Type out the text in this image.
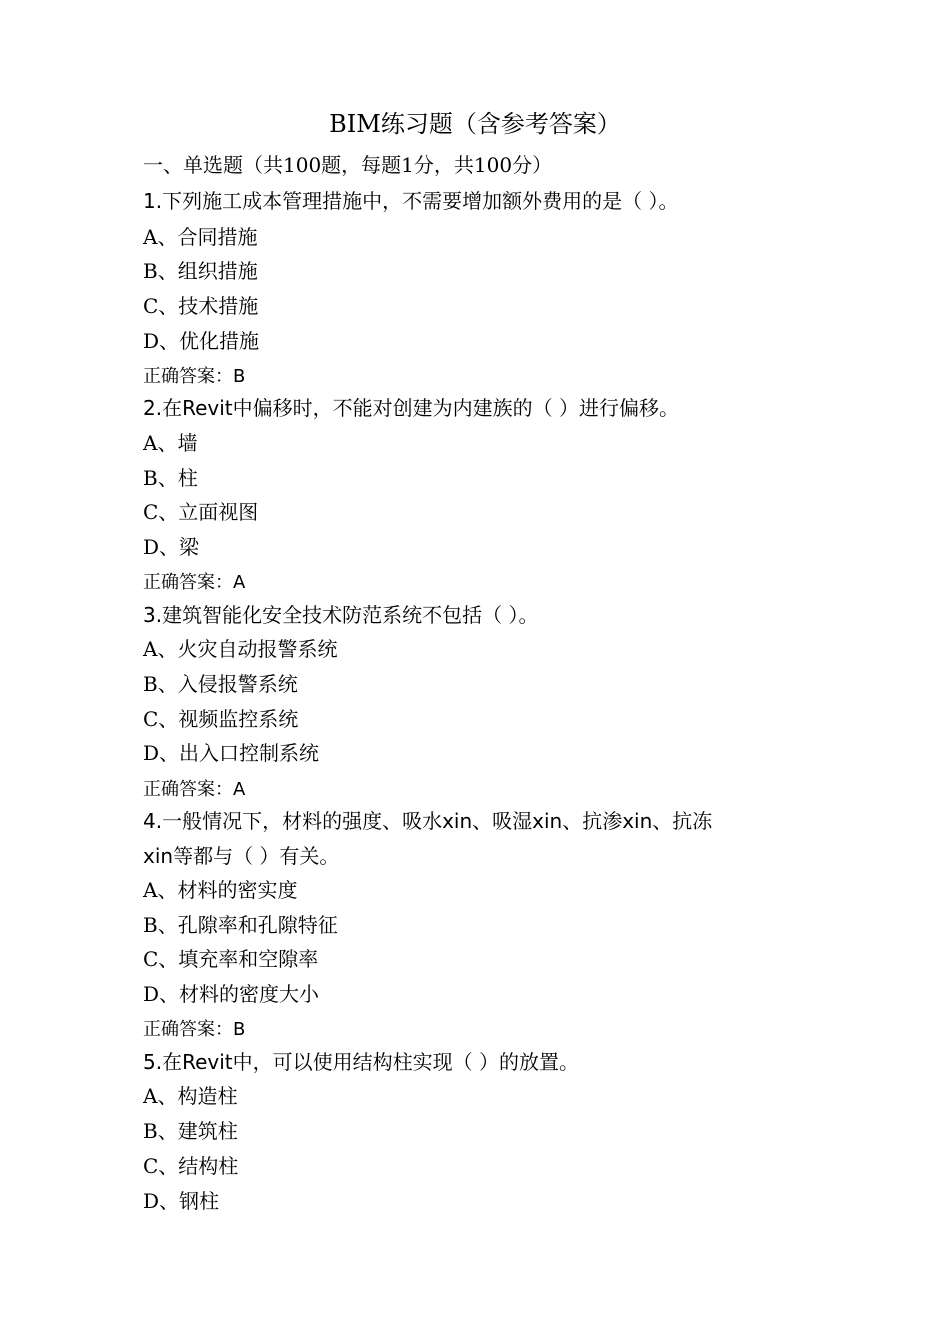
BIM练习题（含参考答案）
一、单选题（共100题，每题1分，共100分）
1.下列施工成本管理措施中，不需要增加额外费用的是（ ）。
A、合同措施
B、组织措施
C、技术措施
D、优化措施
正确答案：B
2.在Revit中偏移时，不能对创建为内建族的（ ）进行偏移。
A、墙
B、柱
C、立面视图
D、梁
正确答案：A
3.建筑智能化安全技术防范系统不包括（ ）。
A、火灾自动报警系统
B、入侵报警系统
C、视频监控系统
D、出入口控制系统
正确答案：A
4.一般情况下，材料的强度、吸水xin、吸湿xin、抗渗xin、抗冻
xin等都与（ ）有关。
A、材料的密实度
B、孔隙率和孔隙特征
C、填充率和空隙率
D、材料的密度大小
正确答案：B
5.在Revit中，可以使用结构柱实现（ ）的放置。
A、构造柱
B、建筑柱
C、结构柱
D、钢柱
